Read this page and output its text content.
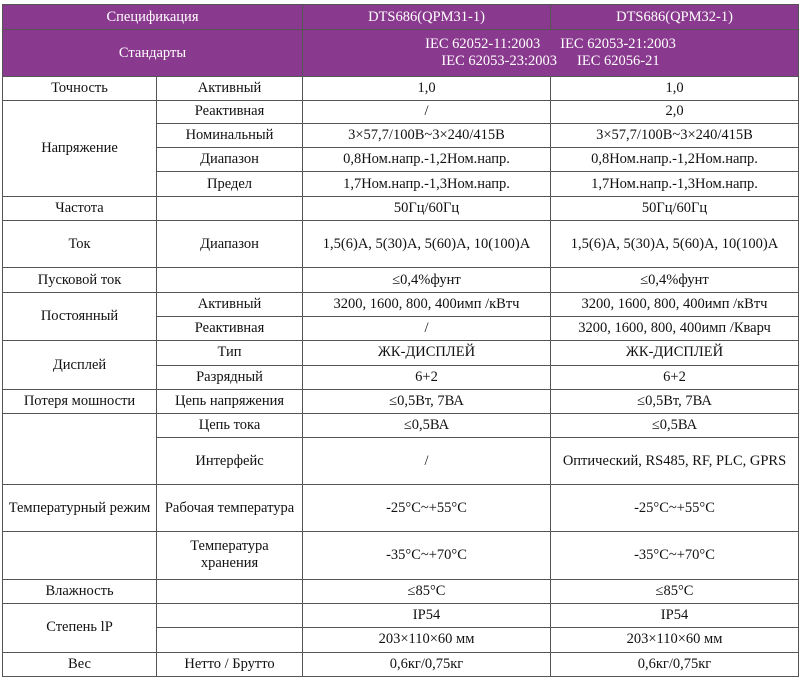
Спецификация		DTS686(QPM31-1)	DTS686(QPM32-1)
Стандарты		IEC 62052-11:2003 IEC 62053-21:2003
IEC 62053-23:2003 IEC 62056-21	

Точность	Активный	1,0	1,0
Напряжение	Реактивная	/	2,0
	Номинальный	3×57,7/100В~3×240/415В	3×57,7/100В~3×240/415В
	Диапазон	0,8Ном.напр.-1,2Ном.напр.	0,8Ном.напр.-1,2Ном.напр.
	Предел	1,7Ном.напр.-1,3Ном.напр.	1,7Ном.напр.-1,3Ном.напр.
Частота		50Гц/60Гц	50Гц/60Гц
Ток	Диапазон	1,5(6)A, 5(30)A, 5(60)A, 10(100)A	1,5(6)A, 5(30)A, 5(60)A, 10(100)A
Пусковой ток		≤0,4%фунт	≤0,4%фунт
Постоянный	Активный	3200, 1600, 800, 400имп /кВтч	3200, 1600, 800, 400имп /кВтч
	Реактивная	/	3200, 1600, 800, 400имп /Кварч
Дисплей	Тип	ЖК-ДИСПЛЕЙ	ЖК-ДИСПЛЕЙ
	Разрядный	6+2	6+2
Потеря мошности	Цепь напряжения	≤0,5Вт, 7ВА	≤0,5Вт, 7ВА
	Цепь тока	≤0,5ВА	≤0,5ВА
	Интерфейс	/	Оптический, RS485, RF, PLC, GPRS
Температурный режим	Рабочая температура	-25°C~+55°C	-25°C~+55°C
	Температура хранения	-35°C~+70°C	-35°C~+70°C
Влажность		≤85°C	≤85°C
Степень lP		IP54	IP54
		203×110×60 мм	203×110×60 мм
Вес	Нетто / Брутто	0,6кг/0,75кг	0,6кг/0,75кг
